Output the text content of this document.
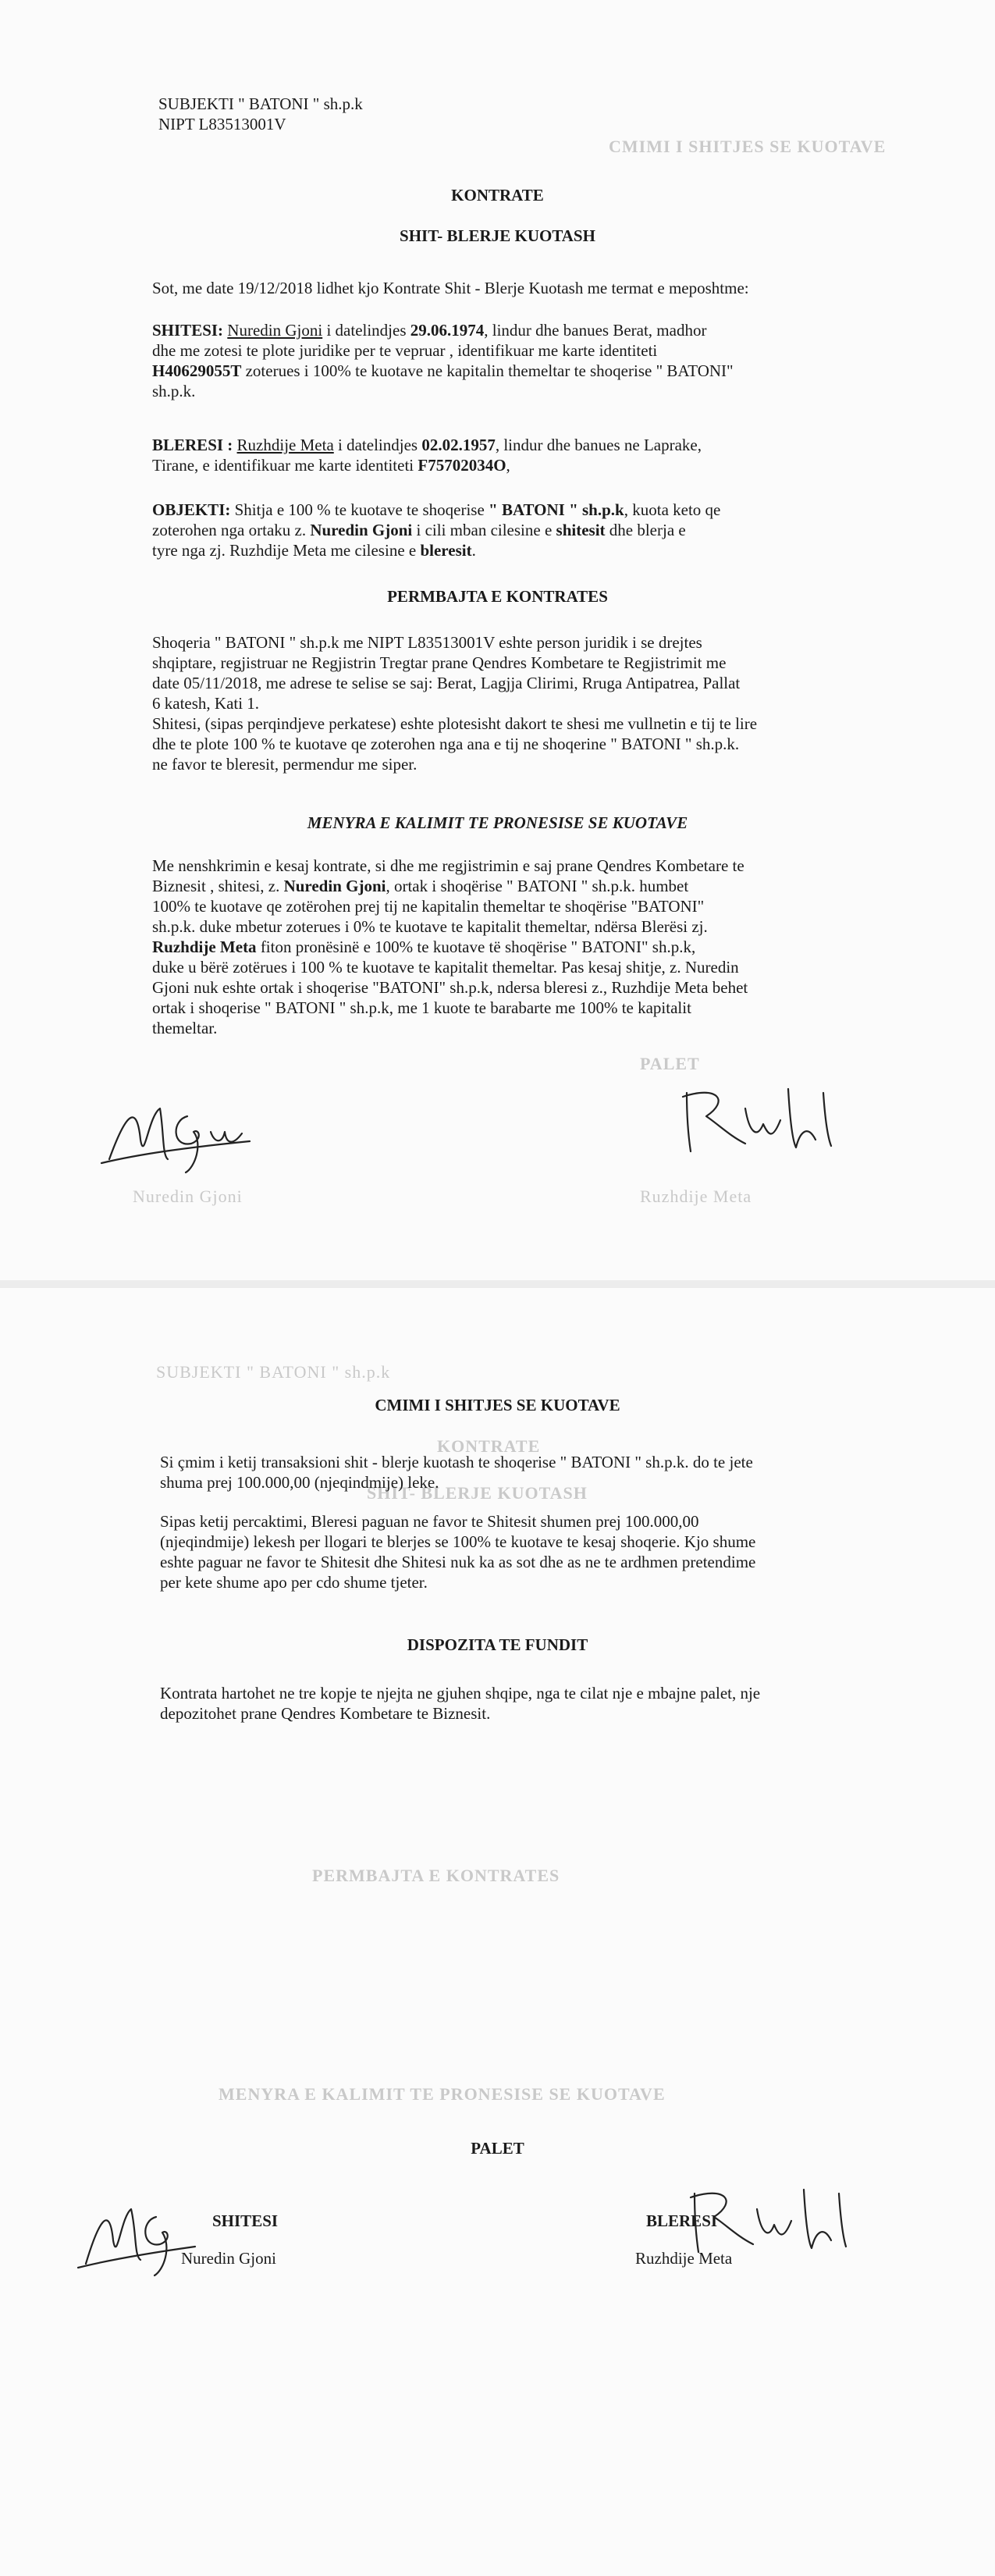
CMIMI I SHITJES SE KUOTAVE
PALET
Nuredin Gjoni	Ruzhdije Meta
SUBJEKTI " BATONI " sh.p.k
NIPT L83513001V
KONTRATE
SHIT- BLERJE KUOTASH
Sot, me date 19/12/2018 lidhet kjo Kontrate Shit - Blerje Kuotash me termat e meposhtme:

SHITESI: Nuredin Gjoni i datelindjes 29.06.1974, lindur dhe banues Berat, madhor

dhe me zotesi te plote juridike per te vepruar , identifikuar me karte identiteti

H40629055T zoterues i 100% te kuotave ne kapitalin themeltar te shoqerise " BATONI"

sh.p.k.

BLERESI : Ruzhdije Meta i datelindjes 02.02.1957, lindur dhe banues ne Laprake,

Tirane, e identifikuar me karte identiteti F75702034O,

OBJEKTI: Shitja e 100 % te kuotave te shoqerise " BATONI " sh.p.k, kuota keto qe

zoterohen nga ortaku z. Nuredin Gjoni i cili mban cilesine e shitesit dhe blerja e

tyre nga zj. Ruzhdije Meta me cilesine e bleresit.

PERMBAJTA E KONTRATES

Shoqeria " BATONI " sh.p.k me NIPT L83513001V eshte person juridik i se drejtes

shqiptare, regjistruar ne Regjistrin Tregtar prane Qendres Kombetare te Regjistrimit me

date 05/11/2018, me adrese te selise se saj: Berat, Lagjja Clirimi, Rruga Antipatrea, Pallat

6 katesh, Kati 1.

Shitesi, (sipas perqindjeve perkatese) eshte plotesisht dakort te shesi me vullnetin e tij te lire

dhe te plote 100 % te kuotave qe zoterohen nga ana e tij ne shoqerine " BATONI " sh.p.k.

ne favor te bleresit, permendur me siper.

MENYRA E KALIMIT TE PRONESISE SE KUOTAVE

Me nenshkrimin e kesaj kontrate, si dhe me regjistrimin e saj prane Qendres Kombetare te

Biznesit , shitesi, z. Nuredin Gjoni, ortak i shoqërise " BATONI " sh.p.k. humbet

100% te kuotave qe zotërohen prej tij ne kapitalin themeltar te shoqërise "BATONI"

sh.p.k. duke mbetur zoterues i 0% te kuotave te kapitalit themeltar, ndërsa Blerësi zj.

Ruzhdije Meta fiton pronësinë e 100% te kuotave të shoqërise " BATONI" sh.p.k,

duke u bërë zotërues i 100 % te kuotave te kapitalit themeltar. Pas kesaj shitje, z. Nuredin

Gjoni nuk eshte ortak i shoqerise "BATONI" sh.p.k, ndersa bleresi z., Ruzhdije Meta behet

ortak i shoqerise " BATONI " sh.p.k, me 1 kuote te barabarte me 100% te kapitalit

themeltar.

SUBJEKTI " BATONI " sh.p.k
KONTRATE
SHIT- BLERJE KUOTASH
PERMBAJTA E KONTRATES
MENYRA E KALIMIT TE PRONESISE SE KUOTAVE
CMIMI I SHITJES SE KUOTAVE

Si çmim i ketij transaksioni shit - blerje kuotash te shoqerise " BATONI " sh.p.k. do te jete

shuma prej 100.000,00 (njeqindmije) leke.

Sipas ketij percaktimi, Bleresi paguan ne favor te Shitesit shumen prej 100.000,00

(njeqindmije) lekesh per llogari te blerjes se 100% te kuotave te kesaj shoqerie. Kjo shume

eshte paguar ne favor te Shitesit dhe Shitesi nuk ka as sot dhe as ne te ardhmen pretendime

per kete shume apo per cdo shume tjeter.

DISPOZITA TE FUNDIT

Kontrata hartohet ne tre kopje te njejta ne gjuhen shqipe, nga te cilat nje e mbajne palet, nje

depozitohet prane Qendres Kombetare te Biznesit.

PALET
SHITESI
Nuredin Gjoni
BLERESI
Ruzhdije Meta
